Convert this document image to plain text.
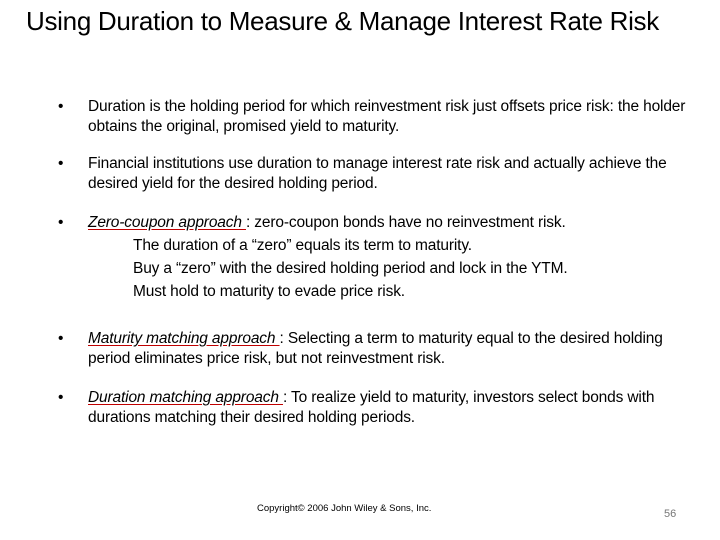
Using Duration to Measure & Manage Interest Rate Risk
•	Duration is the holding period for which reinvestment risk just offsets price risk: the holder obtains the original, promised yield to maturity.
•	Financial institutions use duration to manage interest rate risk and actually achieve the desired yield for the desired holding period.
•	Zero-coupon approach : zero-coupon bonds have no reinvestment risk.
The duration of a “zero” equals its term to maturity.
Buy a “zero” with the desired holding period and lock in the YTM.
Must hold to maturity to evade price risk.
•	Maturity matching approach : Selecting a term to maturity equal to the desired holding period eliminates price risk, but not reinvestment risk.
•	Duration matching approach : To realize yield to maturity, investors select bonds with durations matching their desired holding periods.
Copyright© 2006 John Wiley & Sons, Inc.	56
